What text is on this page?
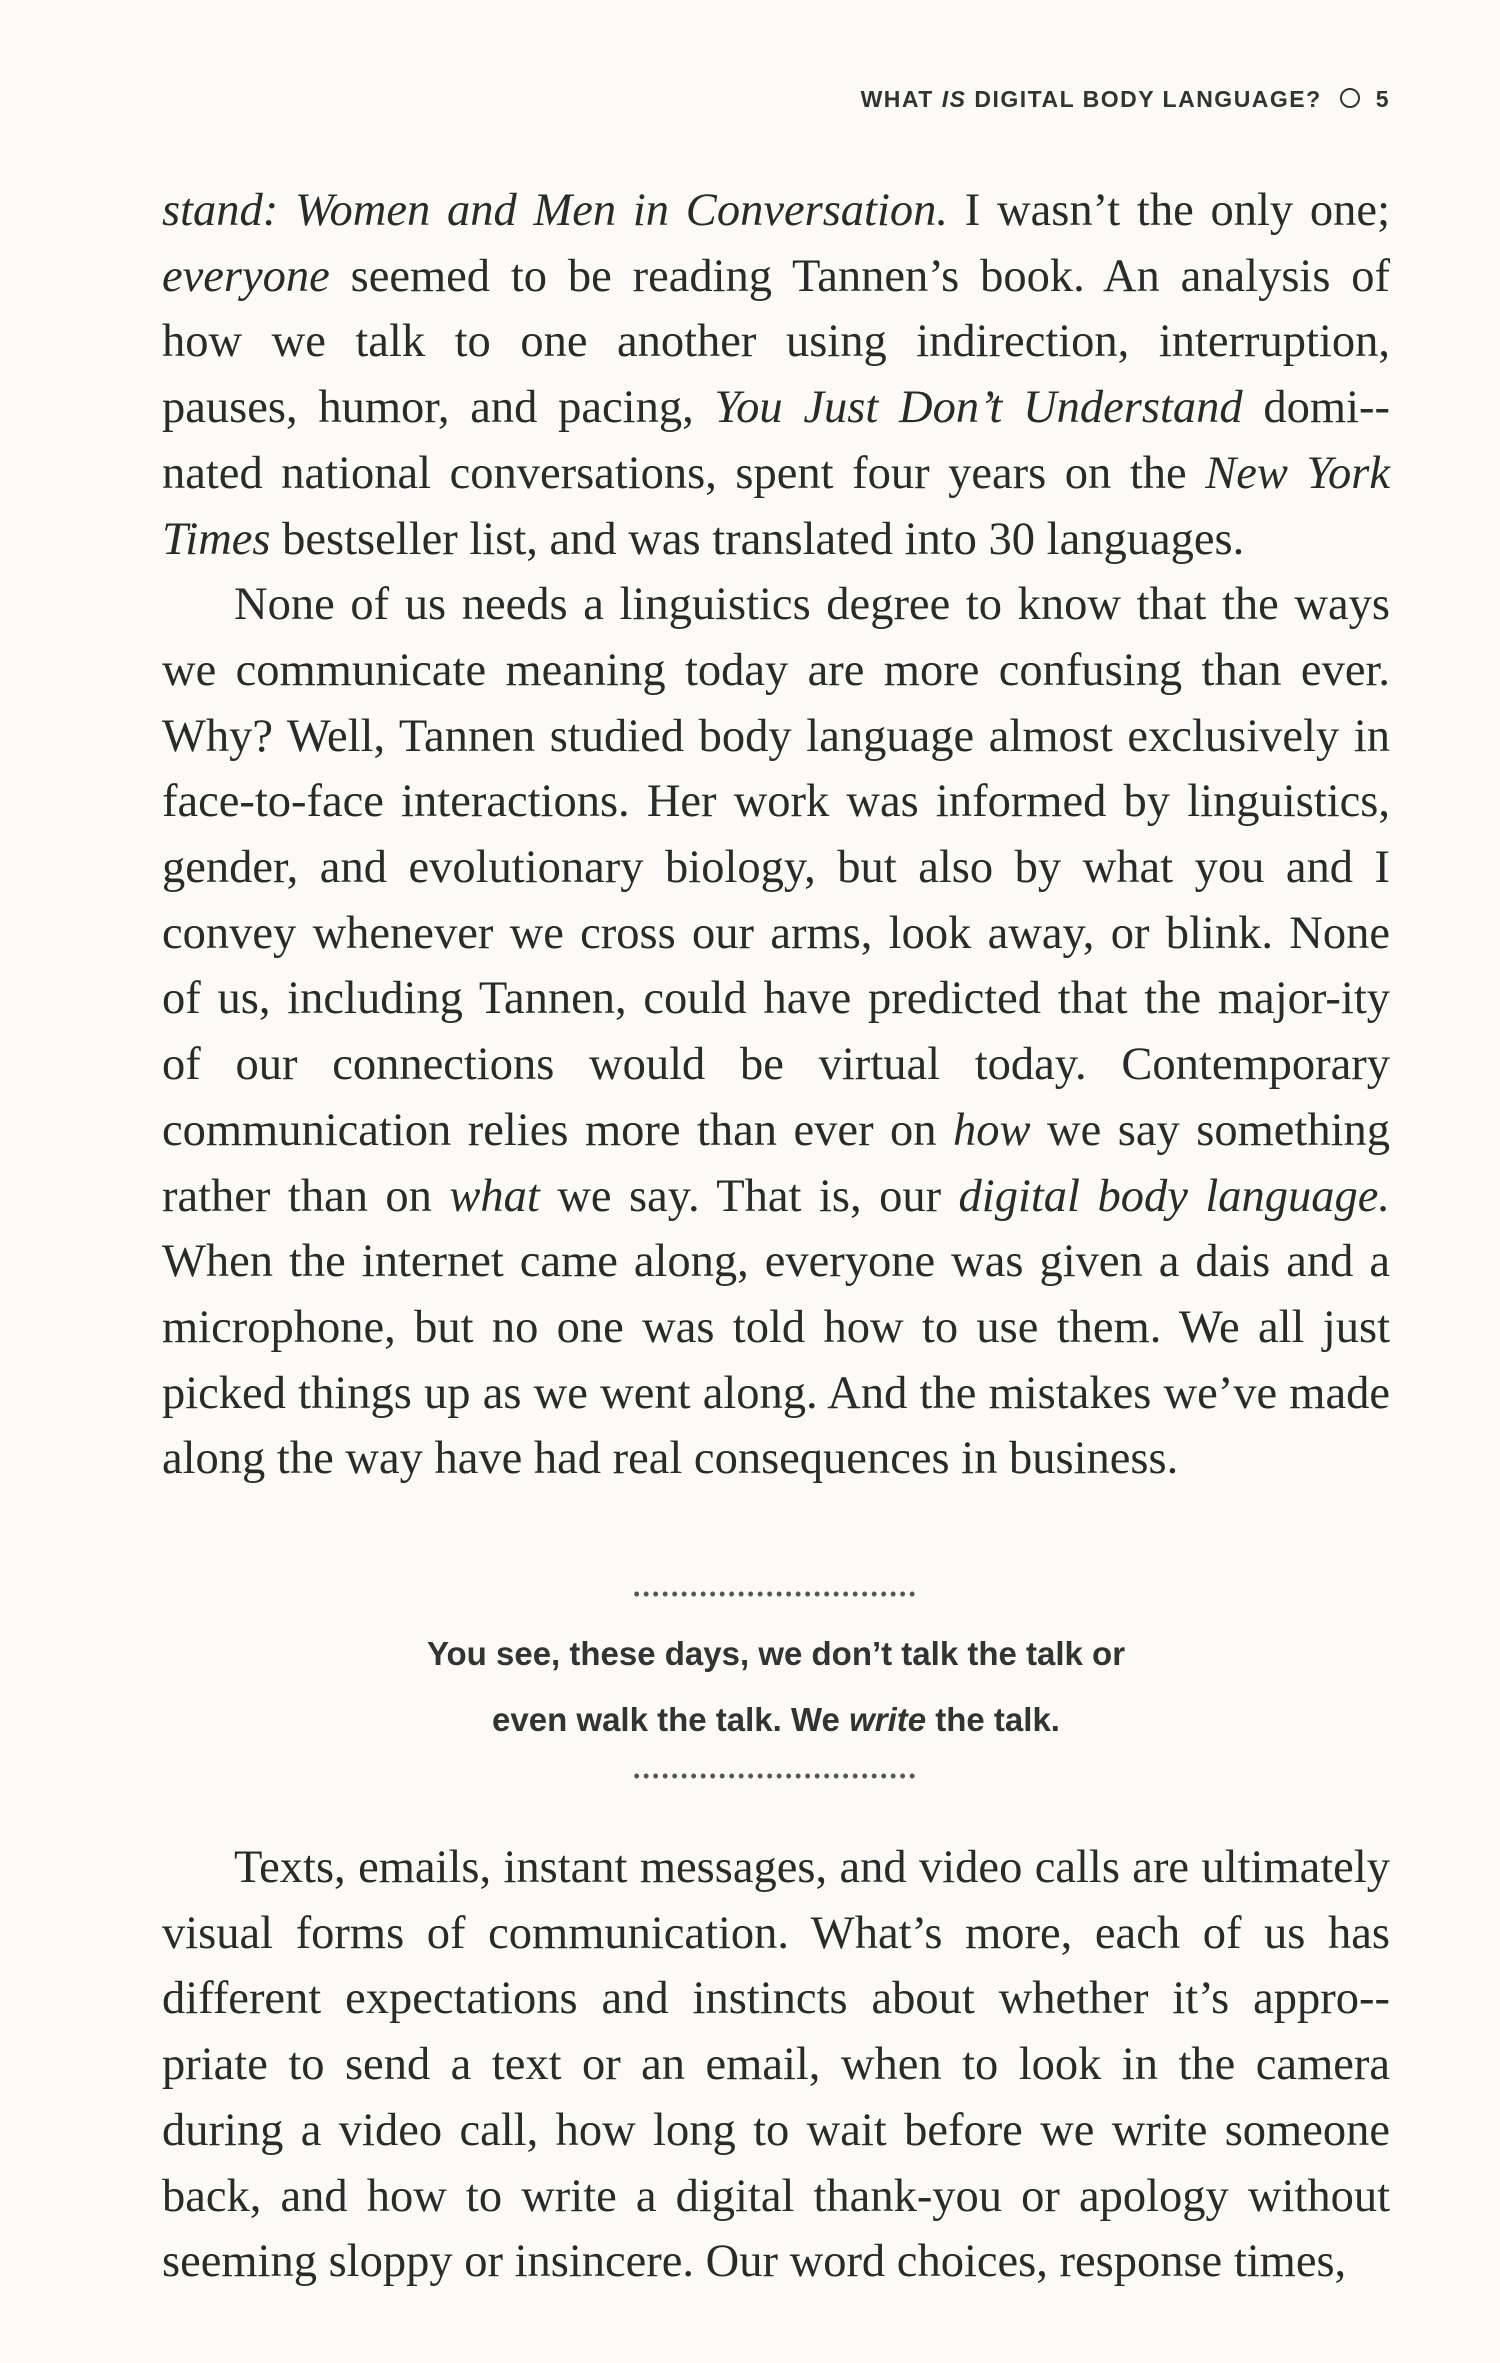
WHAT IS DIGITAL BODY LANGUAGE? 5

stand: Women and Men in Conversation. I wasn’t the only one; everyone seemed to be reading Tannen’s book. An analysis of how we talk to one another using indirection, interruption, pauses, humor, and pacing, You Just Don’t Understand domi-nated national conversations, spent four years on the New York Times bestseller list, and was translated into 30 languages.

None of us needs a linguistics degree to know that the ways we communicate meaning today are more confusing than ever. Why? Well, Tannen studied body language almost exclusively in face-to-face interactions. Her work was informed by linguistics, gender, and evolutionary biology, but also by what you and I convey whenever we cross our arms, look away, or blink. None of us, including Tannen, could have predicted that the major-ity of our connections would be virtual today. Contemporary communication relies more than ever on how we say something rather than on what we say. That is, our digital body language. When the internet came along, everyone was given a dais and a microphone, but no one was told how to use them. We all just picked things up as we went along. And the mistakes we’ve made along the way have had real consequences in business.

••••••••••••••••••••••••••••••
You see, these days, we don’t talk the talk or
even walk the talk. We write the talk.
••••••••••••••••••••••••••••••

Texts, emails, instant messages, and video calls are ultimately visual forms of communication. What’s more, each of us has different expectations and instincts about whether it’s appro-priate to send a text or an email, when to look in the camera during a video call, how long to wait before we write someone back, and how to write a digital thank-you or apology without seeming sloppy or insincere. Our word choices, response times,
